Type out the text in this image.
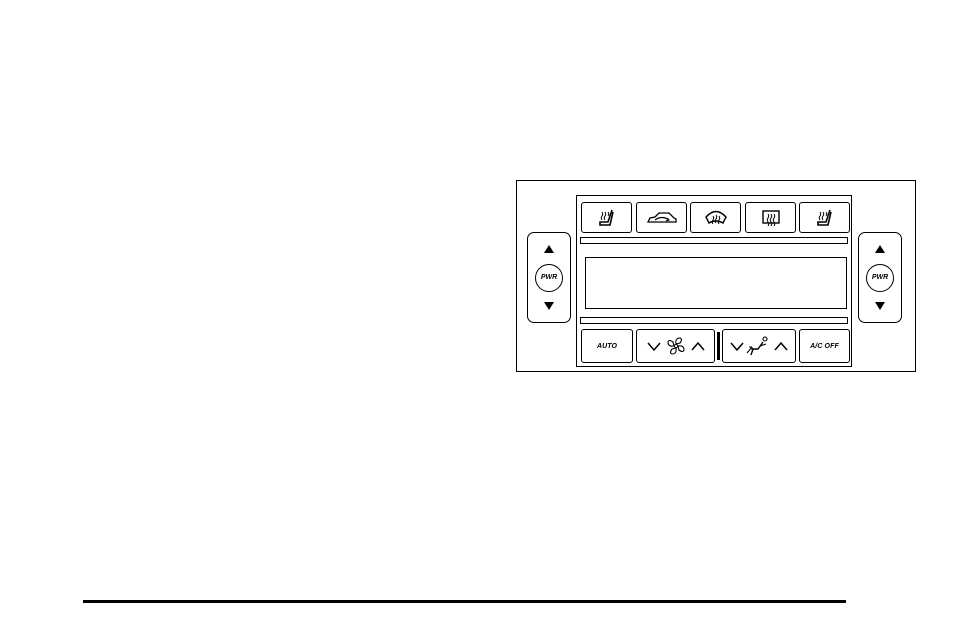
PWR	PWR
AUTO	A/C OFF
